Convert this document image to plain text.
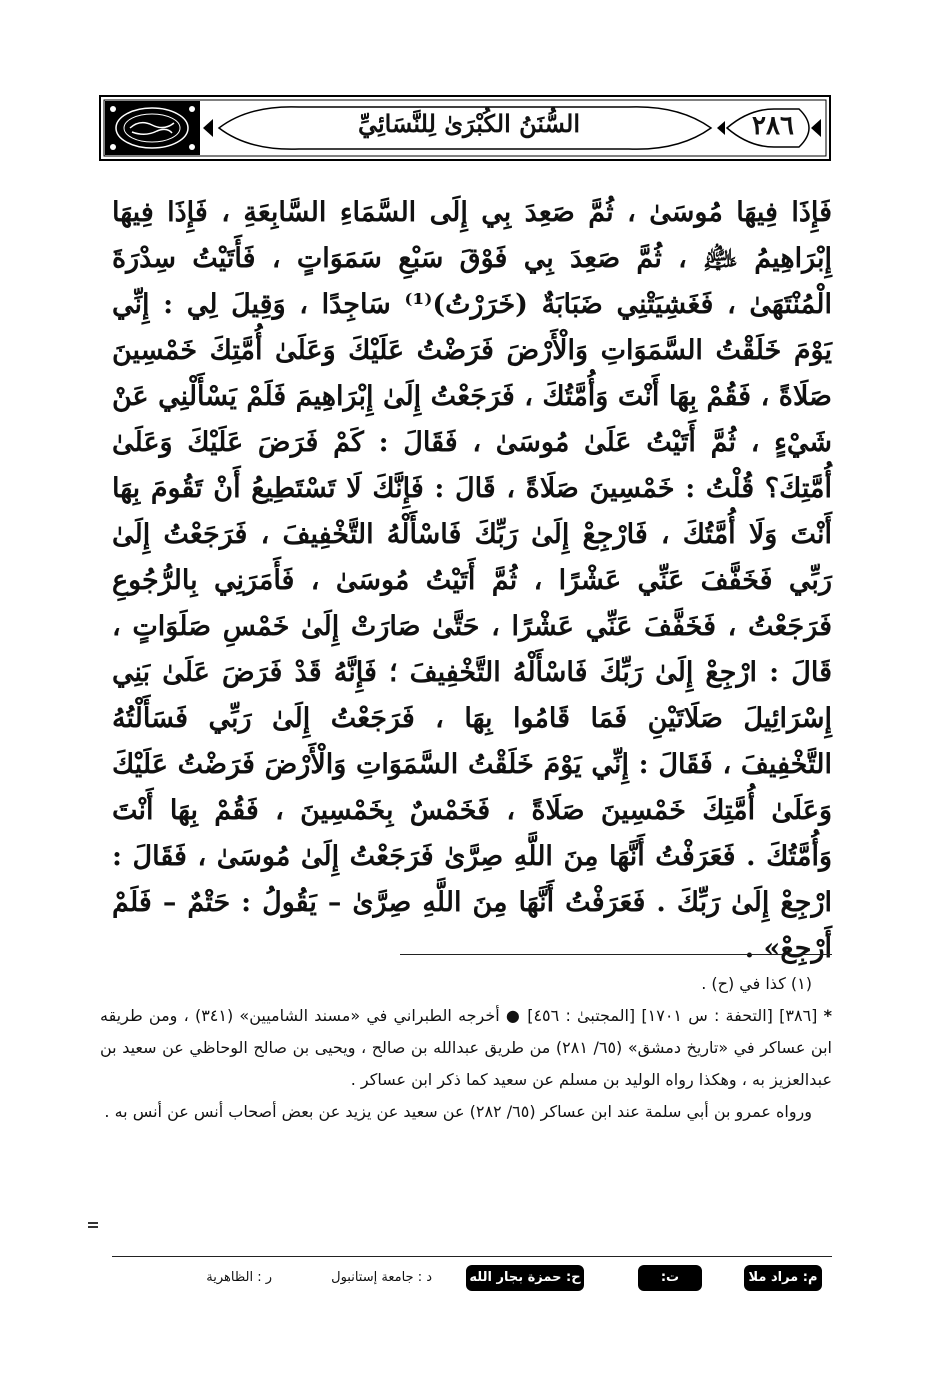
السُّنَنُ الكُبْرَىٰ لِلنَّسَائِيِّ	٢٨٦

فَإِذَا فِيهَا مُوسَىٰ ، ثُمَّ صَعِدَ بِي إِلَى السَّمَاءِ السَّابِعَةِ ، فَإِذَا فِيهَا إِبْرَاهِيمُ ﵇ ، ثُمَّ صَعِدَ بِي فَوْقَ سَبْعِ سَمَوَاتٍ ، فَأَتَيْتُ سِدْرَةَ الْمُنْتَهَىٰ ، فَغَشِيَتْنِي ضَبَابَةٌ (خَرَرْتُ)⁽¹⁾ سَاجِدًا ، وَقِيلَ لِي : إِنِّي يَوْمَ خَلَقْتُ السَّمَوَاتِ وَالْأَرْضَ فَرَضْتُ عَلَيْكَ وَعَلَىٰ أُمَّتِكَ خَمْسِينَ صَلَاةً ، فَقُمْ بِهَا أَنْتَ وَأُمَّتُكَ ، فَرَجَعْتُ إِلَىٰ إِبْرَاهِيمَ فَلَمْ يَسْأَلْنِي عَنْ شَيْءٍ ، ثُمَّ أَتَيْتُ عَلَىٰ مُوسَىٰ ، فَقَالَ : كَمْ فَرَضَ عَلَيْكَ وَعَلَىٰ أُمَّتِكَ؟ قُلْتُ : خَمْسِينَ صَلَاةً ، قَالَ : فَإِنَّكَ لَا تَسْتَطِيعُ أَنْ تَقُومَ بِهَا أَنْتَ وَلَا أُمَّتُكَ ، فَارْجِعْ إِلَىٰ رَبِّكَ فَاسْأَلْهُ التَّخْفِيفَ ، فَرَجَعْتُ إِلَىٰ رَبِّي فَخَفَّفَ عَنِّي عَشْرًا ، ثُمَّ أَتَيْتُ مُوسَىٰ ، فَأَمَرَنِي بِالرُّجُوعِ فَرَجَعْتُ ، فَخَفَّفَ عَنِّي عَشْرًا ، حَتَّىٰ صَارَتْ إِلَىٰ خَمْسِ صَلَوَاتٍ ، قَالَ : ارْجِعْ إِلَىٰ رَبِّكَ فَاسْأَلْهُ التَّخْفِيفَ ؛ فَإِنَّهُ قَدْ فَرَضَ عَلَىٰ بَنِي إِسْرَائِيلَ صَلَاتَيْنِ فَمَا قَامُوا بِهَا ، فَرَجَعْتُ إِلَىٰ رَبِّي فَسَأَلْتُهُ التَّخْفِيفَ ، فَقَالَ : إِنِّي يَوْمَ خَلَقْتُ السَّمَوَاتِ وَالْأَرْضَ فَرَضْتُ عَلَيْكَ وَعَلَىٰ أُمَّتِكَ خَمْسِينَ صَلَاةً ، فَخَمْسٌ بِخَمْسِينَ ، فَقُمْ بِهَا أَنْتَ وَأُمَّتُكَ . فَعَرَفْتُ أَنَّهَا مِنَ اللَّهِ صِرَّىٰ فَرَجَعْتُ إِلَىٰ مُوسَىٰ ، فَقَالَ : ارْجِعْ إِلَىٰ رَبِّكَ . فَعَرَفْتُ أَنَّهَا مِنَ اللَّهِ صِرَّىٰ – يَقُولُ : حَتْمٌ – فَلَمْ أَرْجِعْ» .

(١) كذا في (ح) .

* [٣٨٦] [التحفة : س ١٧٠١] [المجتبىٰ : ٤٥٦] ● أخرجه الطبراني في «مسند الشاميين» (٣٤١) ، ومن طريقه ابن عساكر في «تاريخ دمشق» (٦٥/ ٢٨١) من طريق عبدالله بن صالح ، ويحيى بن صالح الوحاظي عن سعيد بن عبدالعزيز به ، وهكذا رواه الوليد بن مسلم عن سعيد كما ذكر ابن عساكر .

ورواه عمرو بن أبي سلمة عند ابن عساكر (٦٥/ ٢٨٢) عن سعيد عن يزيد عن بعض أصحاب أنس عن أنس به .

م: مراد ملا
ت: تطوان
ح: حمزة بجار الله
د : جامعة إستانبول
ر : الظاهرية
